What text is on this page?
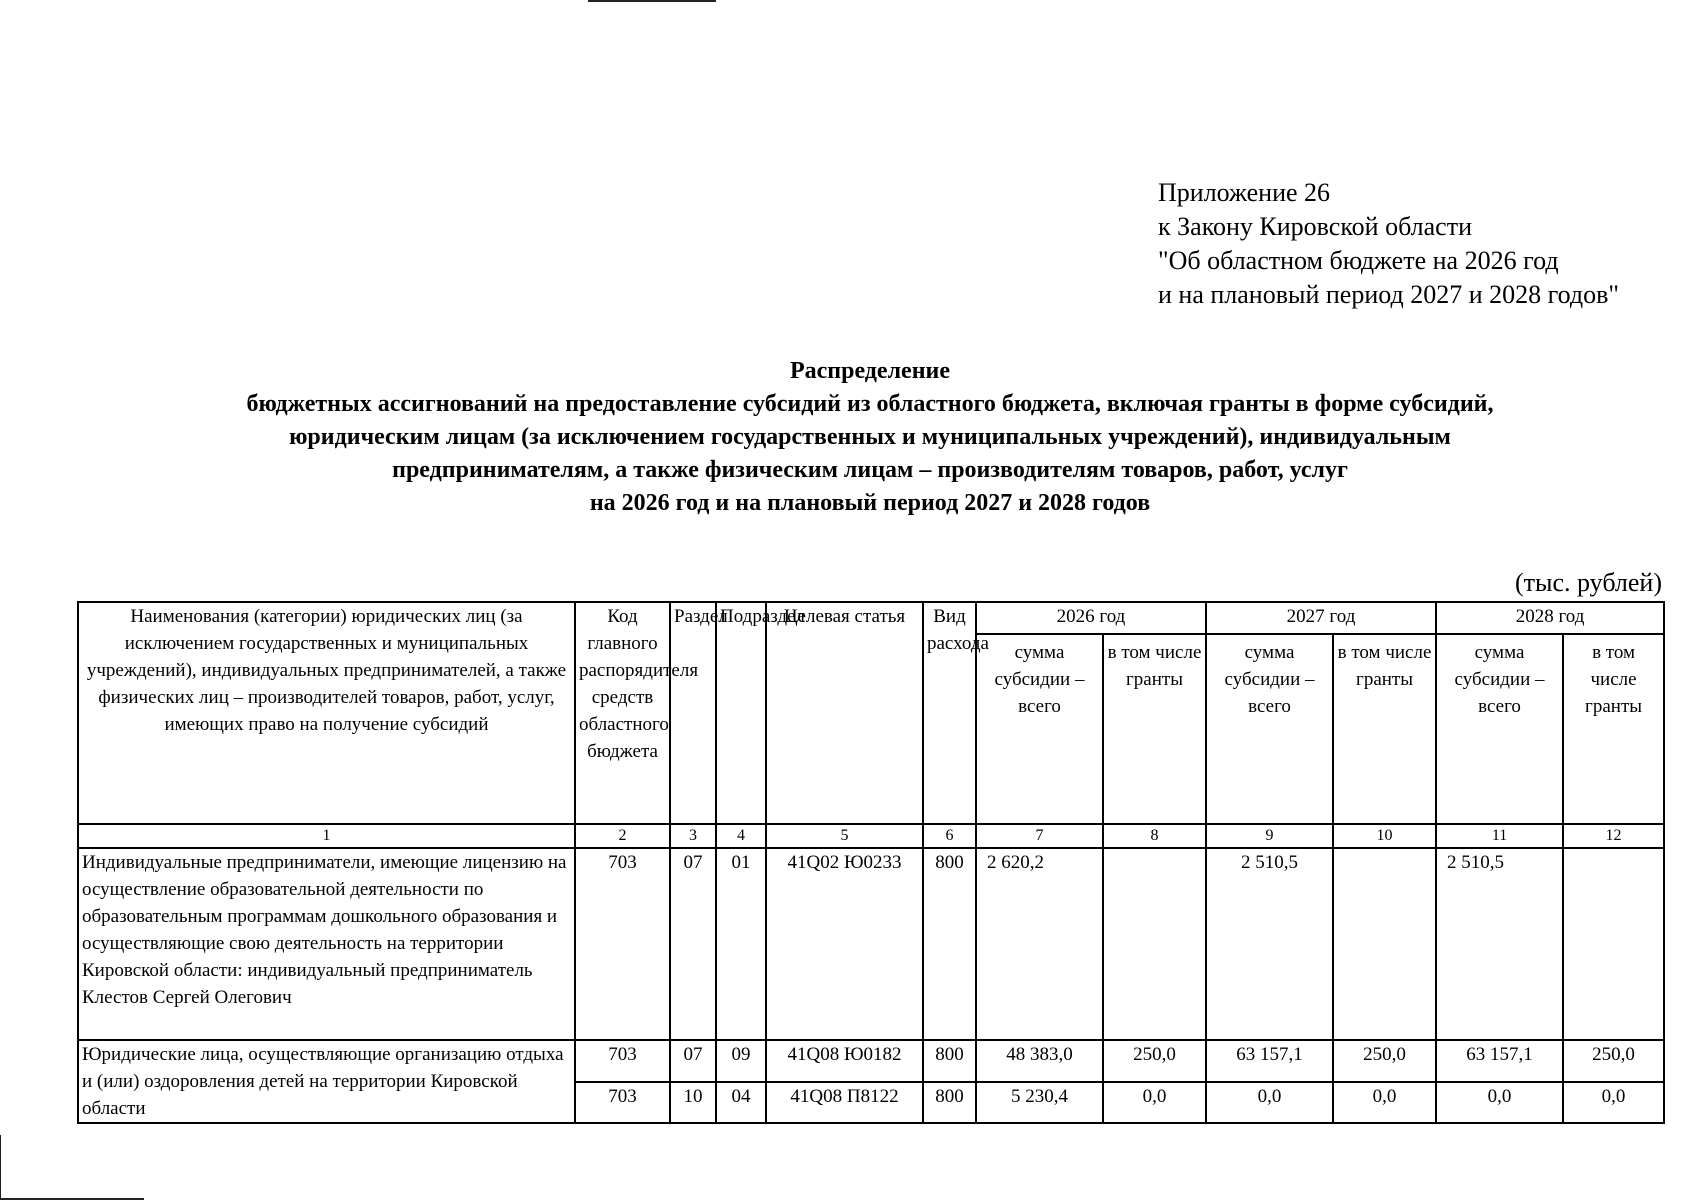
Приложение 26
к Закону Кировской области
"Об областном бюджете на 2026 год
и на плановый период 2027 и 2028 годов"
Распределение
бюджетных ассигнований на предоставление субсидий из областного бюджета, включая гранты в форме субсидий,
юридическим лицам (за исключением государственных и муниципальных учреждений), индивидуальным
предпринимателям, а также физическим лицам – производителям товаров, работ, услуг
на 2026 год и на плановый период 2027 и 2028 годов
(тыс. рублей)
Наименования (категории) юридических лиц (за исключением государственных и муниципальных учреждений), индивидуальных предпринимателей, а также физических лиц – производителей товаров, работ, услуг, имеющих право на получение субсидий	Код главного распорядителя средств областного бюджета	Раздел	Подраздел	Целевая статья	Вид расхода	2026 год		2027 год		2028 год	
						сумма субсидии – всего	в том числе гранты	сумма субсидии – всего	в том числе гранты	сумма субсидии – всего	в том числе гранты
1	2	3	4	5	6	7	8	9	10	11	12
Индивидуальные предприниматели, имеющие лицензию на осуществление образовательной деятельности по образовательным программам дошкольного образования и осуществляющие свою деятельность на территории Кировской области: индивидуальный предприниматель Клестов Сергей Олегович	703	07	01	41Q02 Ю0233	800	2 620,2		2 510,5		2 510,5	
Юридические лица, осуществляющие организацию отдыха и (или) оздоровления детей на территории Кировской области	703	07	09	41Q08 Ю0182	800	48 383,0	250,0	63 157,1	250,0	63 157,1	250,0
	703	10	04	41Q08 П8122	800	5 230,4	0,0	0,0	0,0	0,0	0,0
